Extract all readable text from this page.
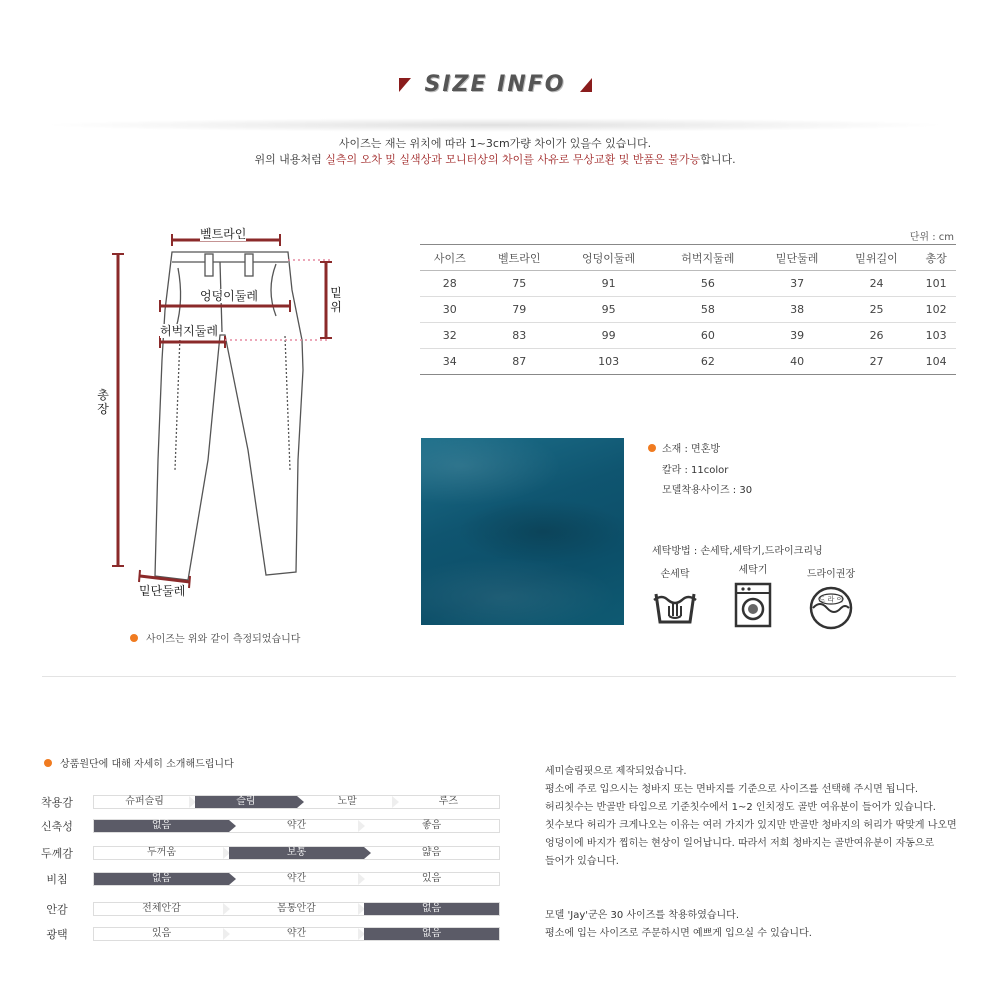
SIZE INFO
사이즈는 재는 위치에 따라 1~3cm가량 차이가 있을수 있습니다.
위의 내용처럼 실측의 오차 및 실색상과 모니터상의 차이를 사유로 무상교환 및 반품은 불가능합니다.
벨트라인
엉덩이둘레
허벅지둘레
밑
위
총
장
밑단둘레
사이즈는 위와 같이 측정되었습니다
단위 : cm
사이즈	벨트라인	엉덩이둘레	허벅지둘레	밑단둘레	밑위길이	총장
28	75	91	56	37	24	101
30	79	95	58	38	25	102
32	83	99	60	39	26	103
34	87	103	62	40	27	104
소재 : 면혼방
칼라 : 11color
모델착용사이즈 : 30
세탁방법 : 손세탁,세탁기,드라이크리닝
손세탁	세탁기	드라이권장
드 라 이
상품원단에 대해 자세히 소개해드립니다
착용감	슈퍼슬림	슬림	노말	루즈
신축성	없음	약간	좋음
두께감	두꺼움	보통	얇음
비침	없음	약간	있음
안감	전체안감	몸통안감	없음
광택	있음	약간	없음
세미슬림핏으로 제작되었습니다.
평소에 주로 입으시는 청바지 또는 면바지를 기준으로 사이즈를 선택해 주시면 됩니다.
허리칫수는 반골반 타입으로 기준칫수에서 1~2 인치정도 골반 여유분이 들어가 있습니다.
칫수보다 허리가 크게나오는 이유는 여러 가지가 있지만 반골반 청바지의 허리가 딱맞게 나오면
엉덩이에 바지가 찝히는 현상이 일어납니다. 따라서 저희 청바지는 골반여유분이 자동으로
들어가 있습니다.
모델 'Jay'군은 30 사이즈를 착용하였습니다.
평소에 입는 사이즈로 주문하시면 예쁘게 입으실 수 있습니다.
